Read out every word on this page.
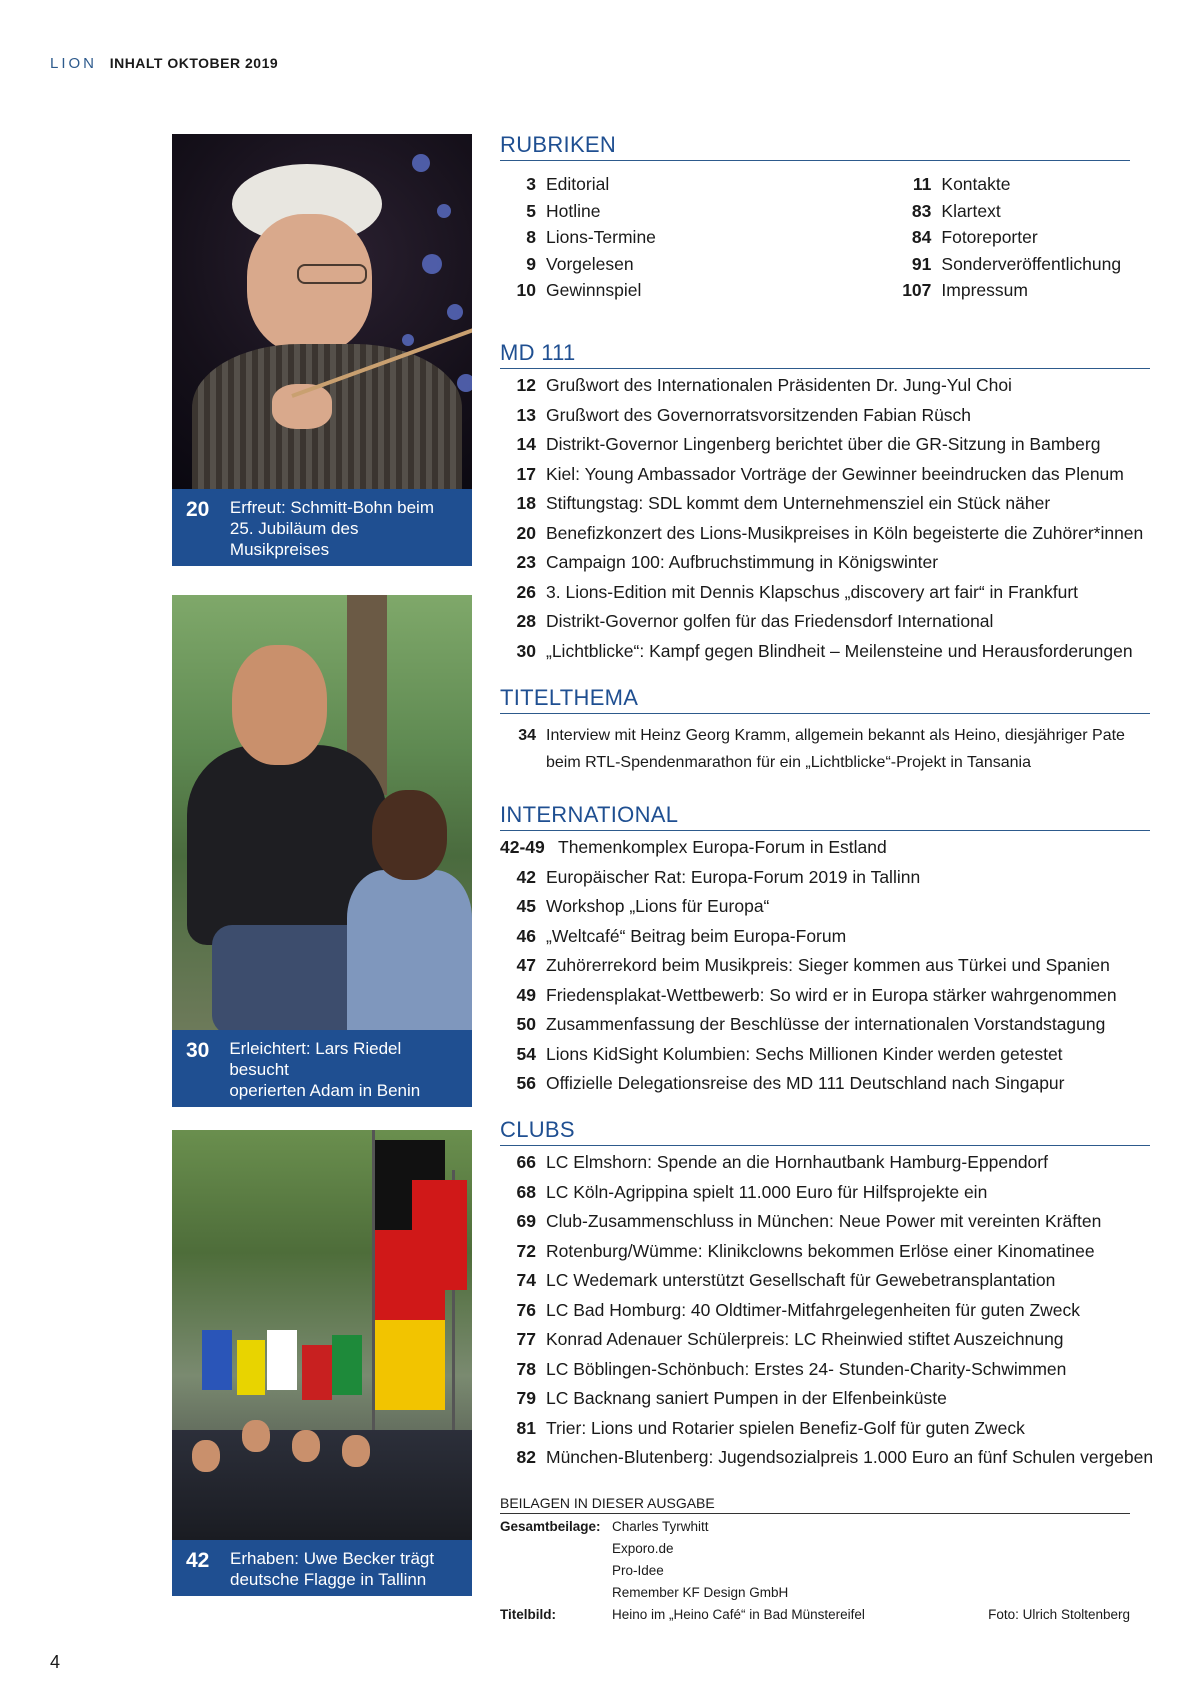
LION INHALT OKTOBER 2019
20	Erfreut: Schmitt-Bohn beim
25. Jubiläum des Musikpreises
30	Erleichtert: Lars Riedel besucht
operierten Adam in Benin
42	Erhaben: Uwe Becker trägt
deutsche Flagge in Tallinn
RUBRIKEN
3 Editorial
5 Hotline
8 Lions-Termine
9 Vorgelesen
10 Gewinnspiel
11 Kontakte
83 Klartext
84 Fotoreporter
91 Sonderveröffentlichung
107 Impressum
MD 111
12 Grußwort des Internationalen Präsidenten Dr. Jung-Yul Choi
13 Grußwort des Governorratsvorsitzenden Fabian Rüsch
14 Distrikt-Governor Lingenberg berichtet über die GR-Sitzung in Bamberg
17 Kiel: Young Ambassador Vorträge der Gewinner beeindrucken das Plenum
18 Stiftungstag: SDL kommt dem Unternehmensziel ein Stück näher
20 Benefizkonzert des Lions-Musikpreises in Köln begeisterte die Zuhörer*innen
23 Campaign 100: Aufbruchstimmung in Königswinter
26 3. Lions-Edition mit Dennis Klapschus „discovery art fair“ in Frankfurt
28 Distrikt-Governor golfen für das Friedensdorf International
30 „Lichtblicke“: Kampf gegen Blindheit – Meilensteine und Herausforderungen
TITELTHEMA
34 Interview mit Heinz Georg Kramm, allgemein bekannt als Heino, diesjähriger Pate
beim RTL-Spendenmarathon für ein „Lichtblicke“-Projekt in Tansania
INTERNATIONAL
42-49 Themenkomplex Europa-Forum in Estland
42 Europäischer Rat: Europa-Forum 2019 in Tallinn
45 Workshop „Lions für Europa“
46 „Weltcafé“ Beitrag beim Europa-Forum
47 Zuhörerrekord beim Musikpreis: Sieger kommen aus Türkei und Spanien
49 Friedensplakat-Wettbewerb: So wird er in Europa stärker wahrgenommen
50 Zusammenfassung der Beschlüsse der internationalen Vorstandstagung
54 Lions KidSight Kolumbien: Sechs Millionen Kinder werden getestet
56 Offizielle Delegationsreise des MD 111 Deutschland nach Singapur
CLUBS
66 LC Elmshorn: Spende an die Hornhautbank Hamburg-Eppendorf
68 LC Köln-Agrippina spielt 11.000 Euro für Hilfsprojekte ein
69 Club-Zusammenschluss in München: Neue Power mit vereinten Kräften
72 Rotenburg/Wümme: Klinikclowns bekommen Erlöse einer Kinomatinee
74 LC Wedemark unterstützt Gesellschaft für Gewebetransplantation
76 LC Bad Homburg: 40 Oldtimer-Mitfahrgelegenheiten für guten Zweck
77 Konrad Adenauer Schülerpreis: LC Rheinwied stiftet Auszeichnung
78 LC Böblingen-Schönbuch: Erstes 24- Stunden-Charity-Schwimmen
79 LC Backnang saniert Pumpen in der Elfenbeinküste
81 Trier: Lions und Rotarier spielen Benefiz-Golf für guten Zweck
82 München-Blutenberg: Jugendsozialpreis 1.000 Euro an fünf Schulen vergeben
BEILAGEN IN DIESER AUSGABE
Gesamtbeilage: Charles Tyrwhitt
Exporo.de
Pro-Idee
Remember KF Design GmbH
Titelbild:	Heino im „Heino Café“ in Bad Münstereifel	Foto: Ulrich Stoltenberg
4
